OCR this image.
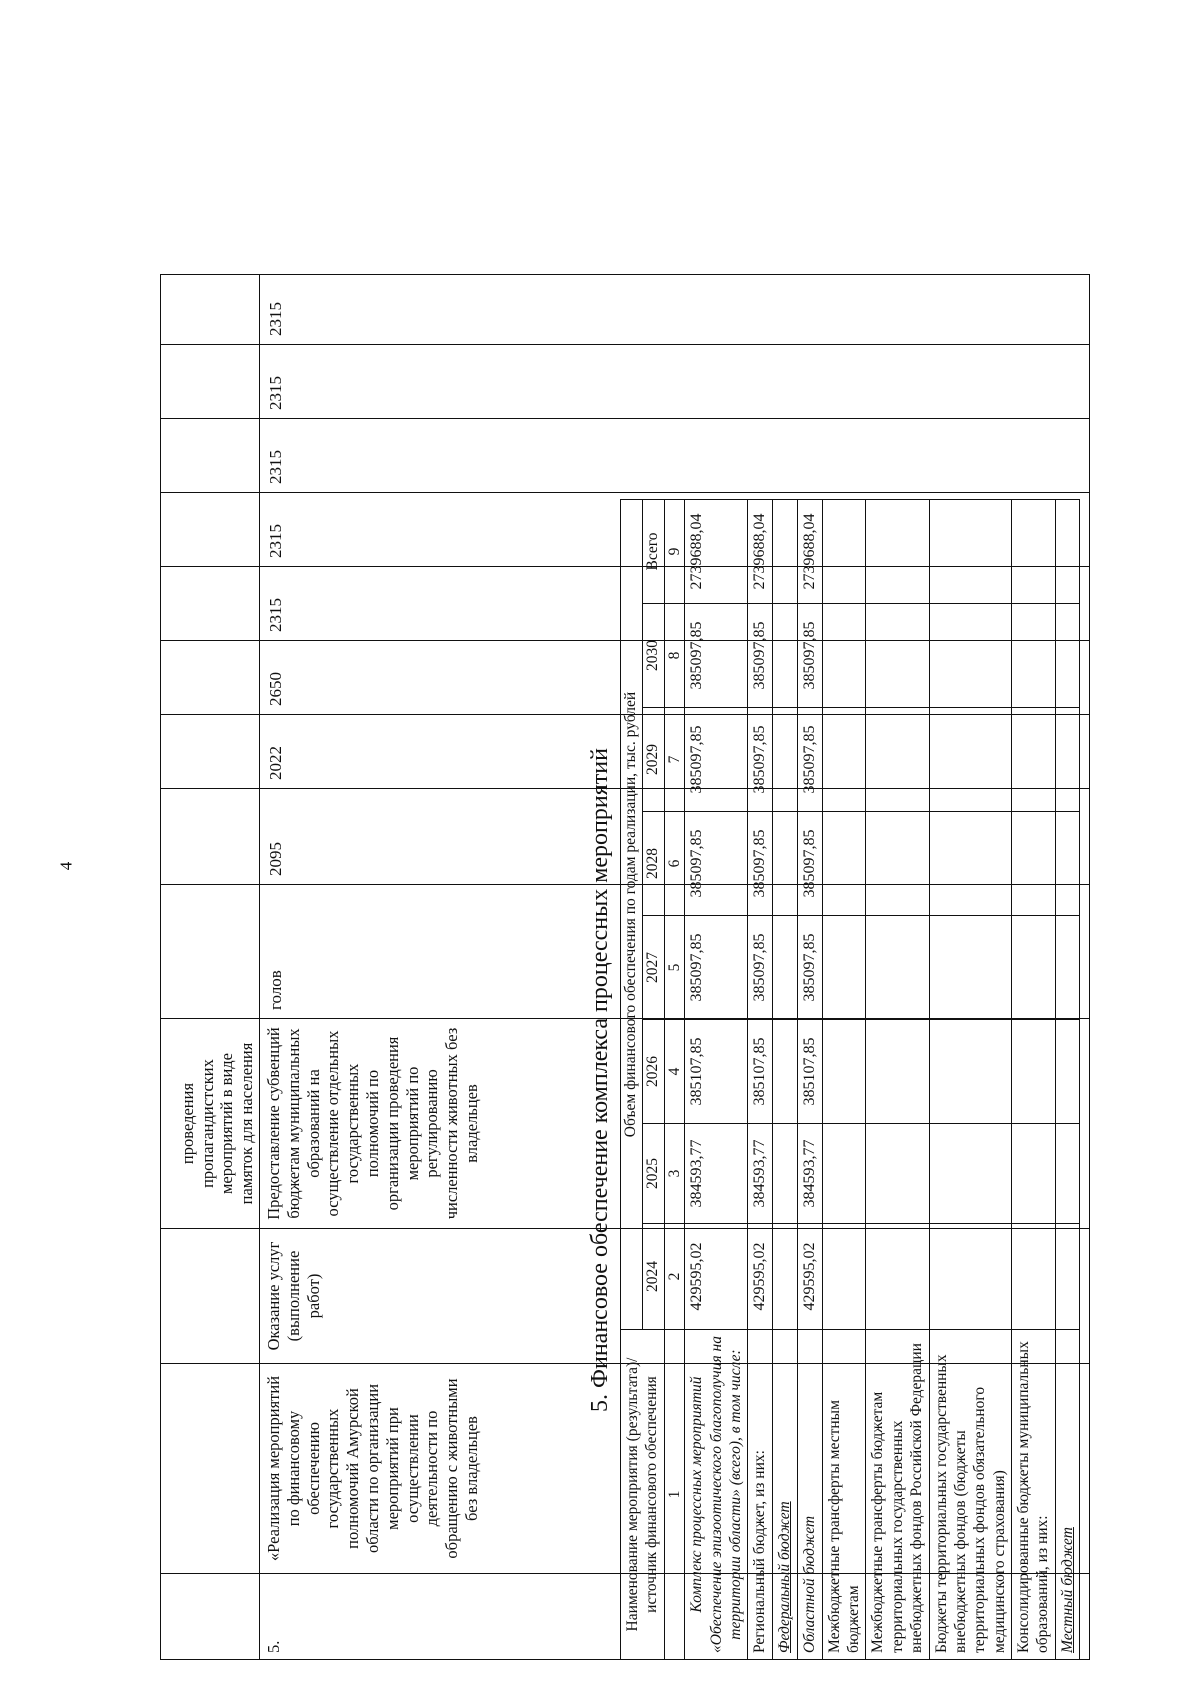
4
			проведения пропагандистских мероприятий в виде памяток для населения									
5.	«Реализация мероприятий по финансовому обеспечению государственных полномочий Амурской области по организации мероприятий при осуществлении деятельности по обращению с животными без владельцев	Оказание услуг (выполнение работ)	Предоставление субвенций бюджетам муниципальных образований на осуществление отдельных государственных полномочий по организации проведения мероприятий по регулированию численности животных без владельцев	голов	2095	2022	2650	2315	2315	2315	2315	2315
5. Финансовое обеспечение комплекса процессных мероприятий
Наименование мероприятия (результата)/источник финансового обеспечения	Объем финансового обеспечения по годам реализации, тыс. рублей							
	2024	2025	2026	2027	2028	2029	2030	Всего
1	2	3	4	5	6	7	8	9
Комплекс процессных мероприятий «Обеспечение эпизоотического благополучия на территории области» (всего), в том числе:	429595,02	384593,77	385107,85	385097,85	385097,85	385097,85	385097,85	2739688,04
Региональный бюджет, из них:	429595,02	384593,77	385107,85	385097,85	385097,85	385097,85	385097,85	2739688,04
Федеральный бюджет								
Областной бюджет	429595,02	384593,77	385107,85	385097,85	385097,85	385097,85	385097,85	2739688,04
Межбюджетные трансферты местным бюджетам								
Межбюджетные трансферты бюджетам территориальных государственных внебюджетных фондов Российской Федерации								
Бюджеты территориальных государственных внебюджетных фондов (бюджеты территориальных фондов обязательного медицинского страхования)								
Консолидированные бюджеты муниципальных образований, из них:								
Местный бюджет								
